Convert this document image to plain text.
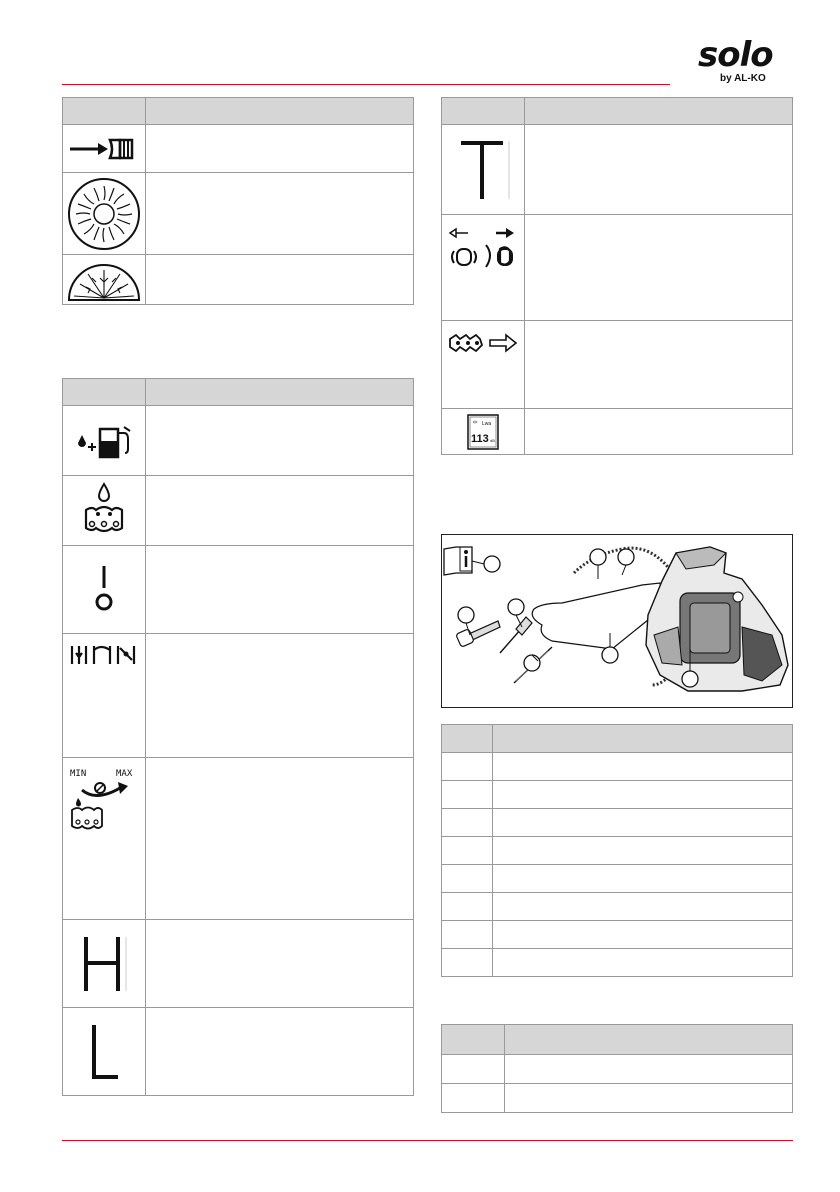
solo
by AL-KO

MIN MAX	

Lwa
113 dB	
